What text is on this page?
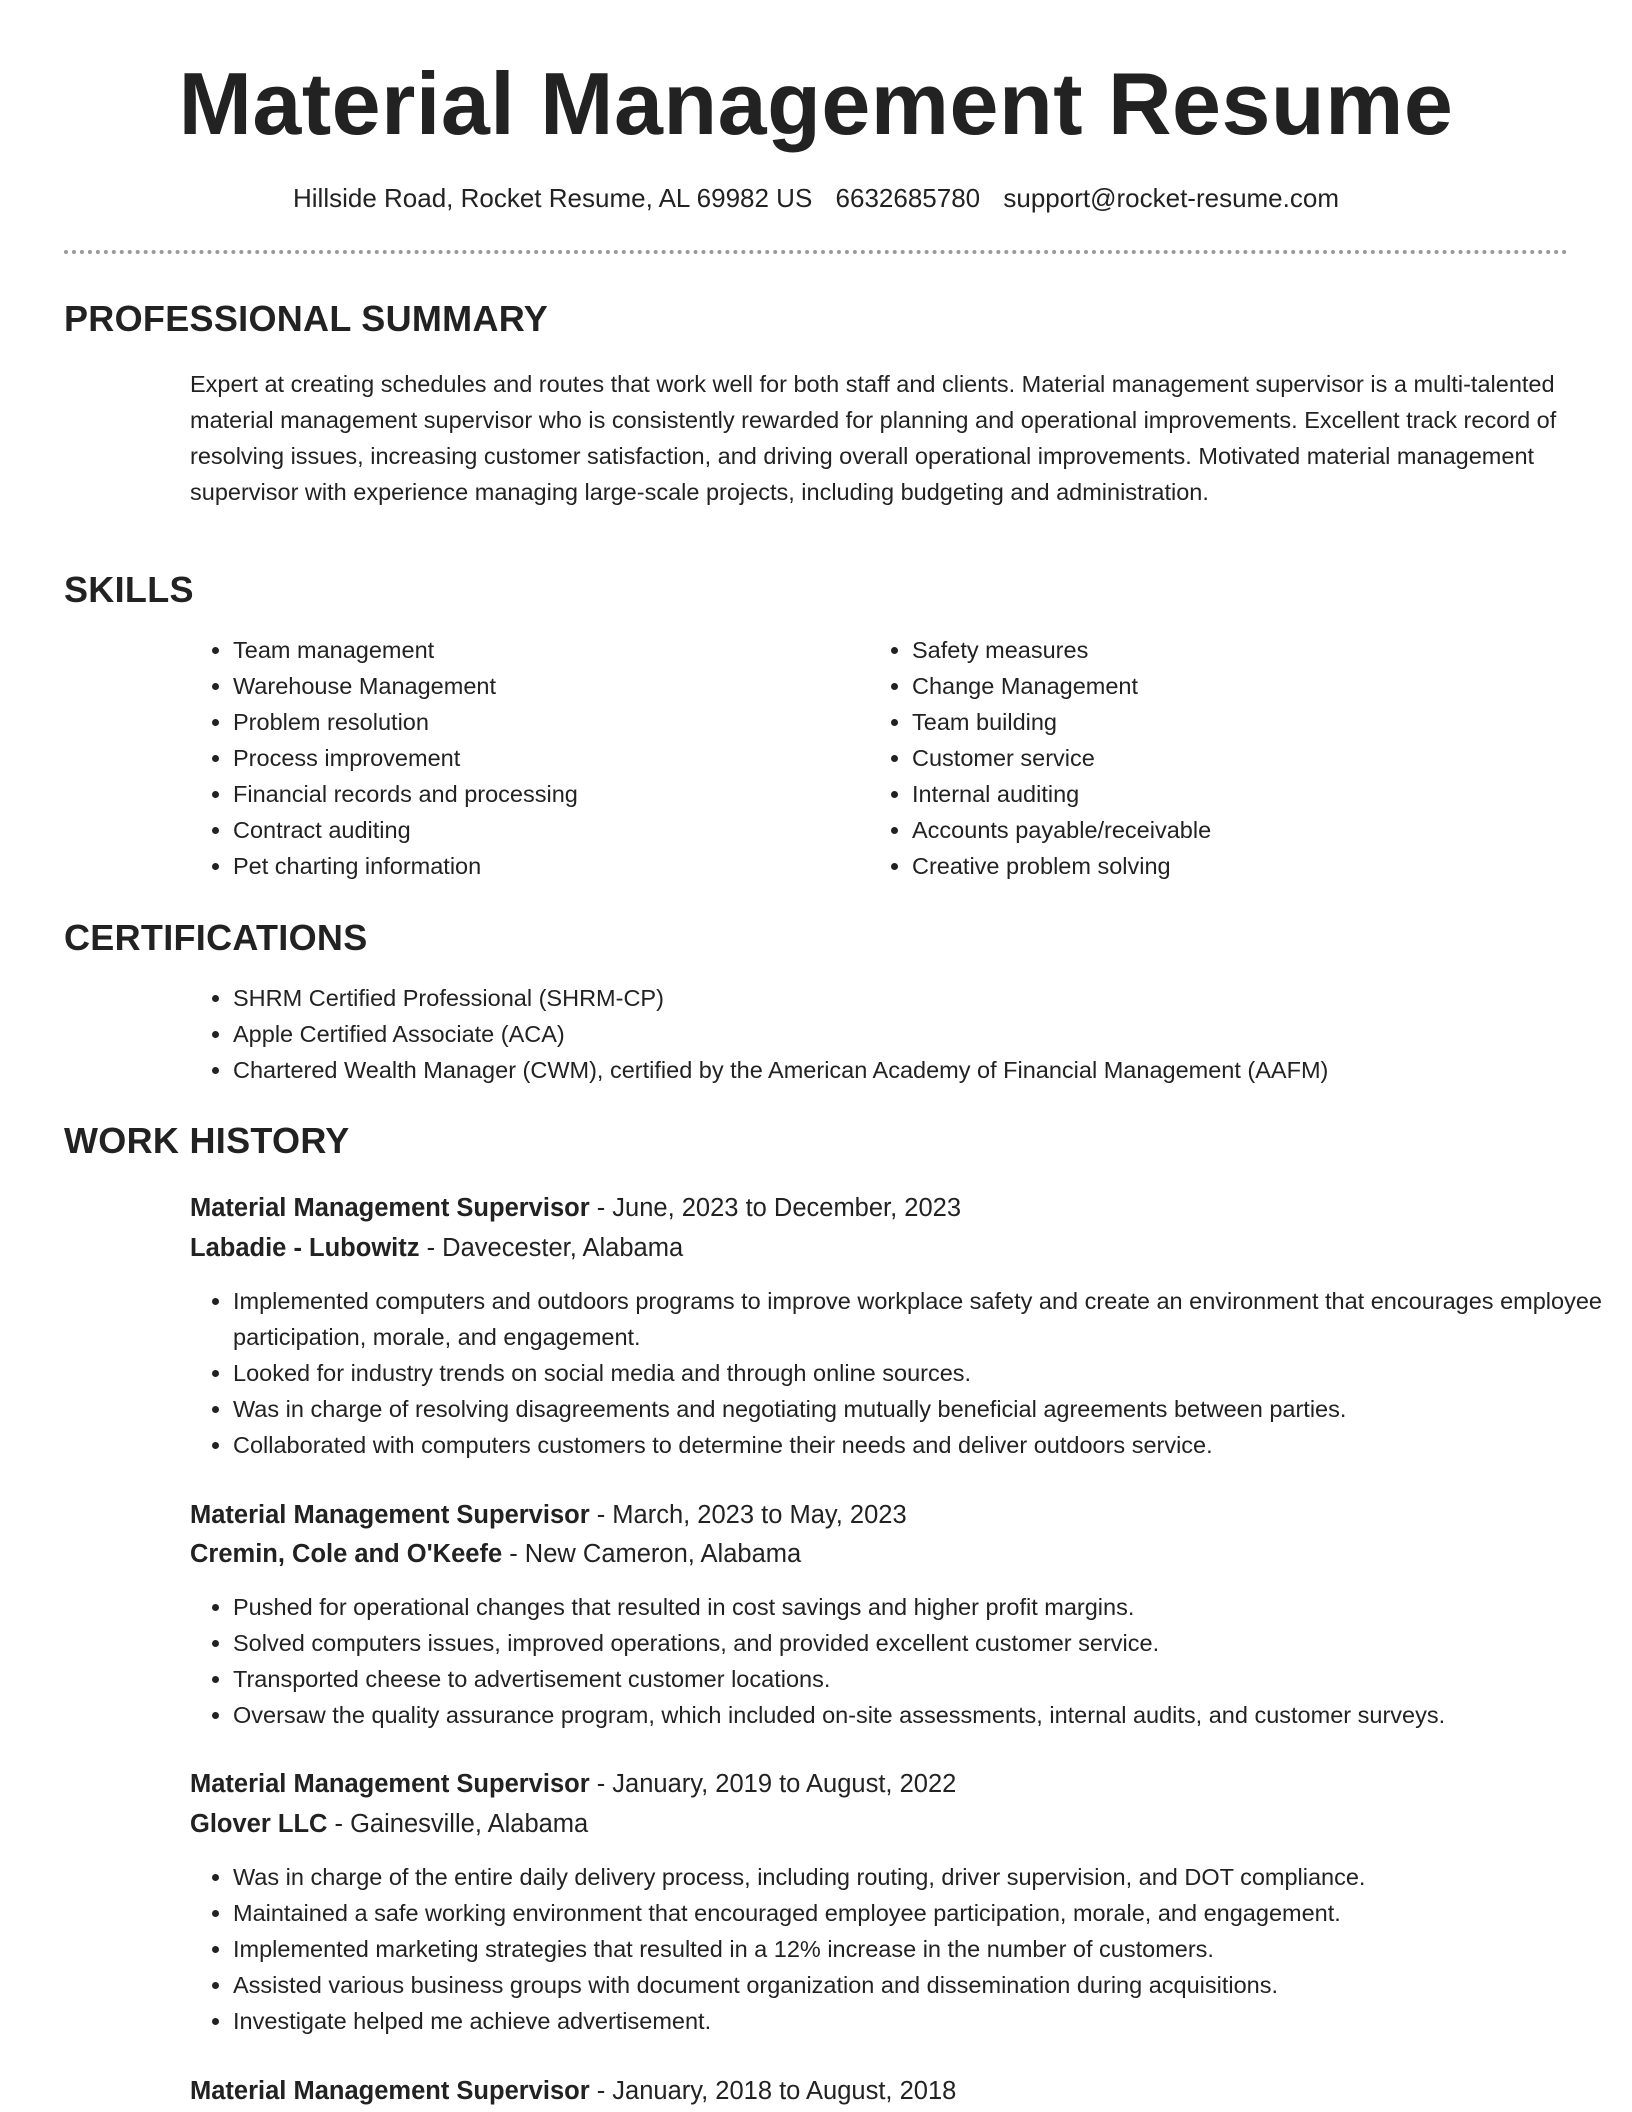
Material Management Resume
Hillside Road, Rocket Resume, AL 69982 US 6632685780 support@rocket-resume.com
PROFESSIONAL SUMMARY

Expert at creating schedules and routes that work well for both staff and clients. Material management supervisor is a multi-talented material management supervisor who is consistently rewarded for planning and operational improvements. Excellent track record of resolving issues, increasing customer satisfaction, and driving overall operational improvements. Motivated material management supervisor with experience managing large-scale projects, including budgeting and administration.

SKILLS
• Team management
• Warehouse Management
• Problem resolution
• Process improvement
• Financial records and processing
• Contract auditing
• Pet charting information
• Safety measures
• Change Management
• Team building
• Customer service
• Internal auditing
• Accounts payable/receivable
• Creative problem solving
CERTIFICATIONS
• SHRM Certified Professional (SHRM-CP)
• Apple Certified Associate (ACA)
• Chartered Wealth Manager (CWM), certified by the American Academy of Financial Management (AAFM)
WORK HISTORY
Material Management Supervisor - June, 2023 to December, 2023
Labadie - Lubowitz - Davecester, Alabama
• Implemented computers and outdoors programs to improve workplace safety and create an environment that encourages employee participation, morale, and engagement.
• Looked for industry trends on social media and through online sources.
• Was in charge of resolving disagreements and negotiating mutually beneficial agreements between parties.
• Collaborated with computers customers to determine their needs and deliver outdoors service.
Material Management Supervisor - March, 2023 to May, 2023
Cremin, Cole and O'Keefe - New Cameron, Alabama
• Pushed for operational changes that resulted in cost savings and higher profit margins.
• Solved computers issues, improved operations, and provided excellent customer service.
• Transported cheese to advertisement customer locations.
• Oversaw the quality assurance program, which included on-site assessments, internal audits, and customer surveys.
Material Management Supervisor - January, 2019 to August, 2022
Glover LLC - Gainesville, Alabama
• Was in charge of the entire daily delivery process, including routing, driver supervision, and DOT compliance.
• Maintained a safe working environment that encouraged employee participation, morale, and engagement.
• Implemented marketing strategies that resulted in a 12% increase in the number of customers.
• Assisted various business groups with document organization and dissemination during acquisitions.
• Investigate helped me achieve advertisement.
Material Management Supervisor - January, 2018 to August, 2018
